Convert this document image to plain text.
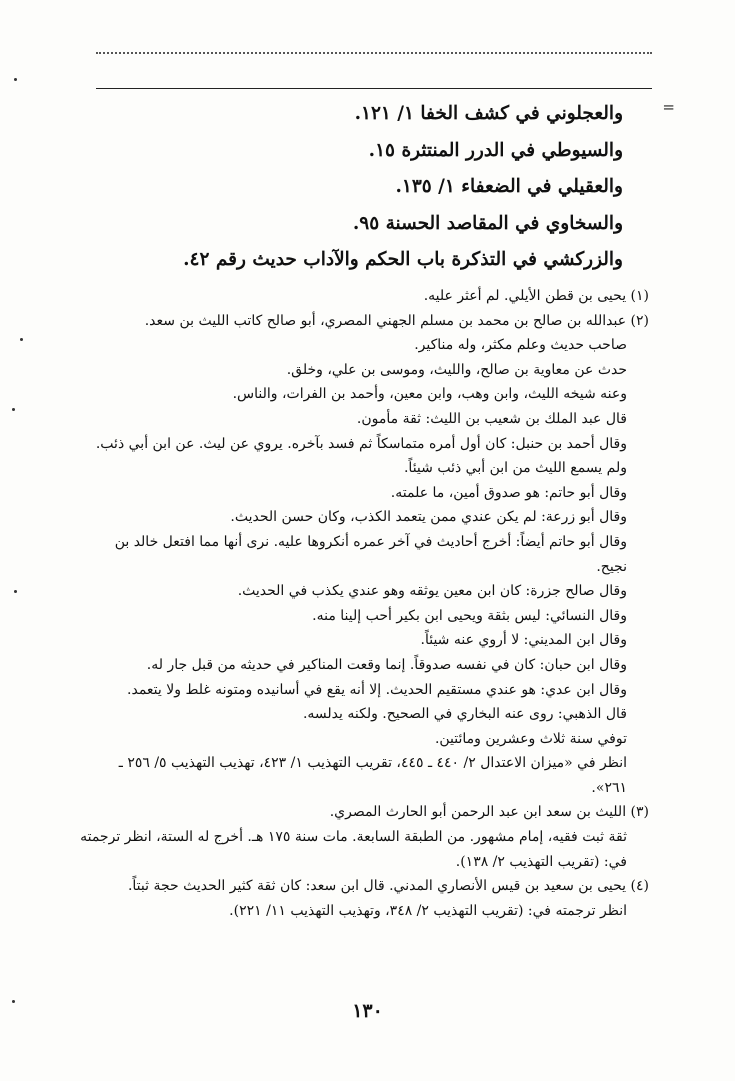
=
والعجلوني في كشف الخفا ١/ ١٢١.
والسيوطي في الدرر المنتثرة ١٥.
والعقيلي في الضعفاء ١/ ١٣٥.
والسخاوي في المقاصد الحسنة ٩٥.
والزركشي في التذكرة باب الحكم والآداب حديث رقم ٤٢.
(١) يحيى بن قطن الأيلي. لم أعثر عليه.
(٢) عبدالله بن صالح بن محمد بن مسلم الجهني المصري، أبو صالح كاتب الليث بن سعد.
صاحب حديث وعلم مكثر، وله مناكير.
حدث عن معاوية بن صالح، والليث، وموسى بن علي، وخلق.
وعنه شيخه الليث، وابن وهب، وابن معين، وأحمد بن الفرات، والناس.
قال عبد الملك بن شعيب بن الليث: ثقة مأمون.
وقال أحمد بن حنبل: كان أول أمره متماسكاً ثم فسد بآخره. يروي عن ليث. عن ابن أبي ذئب.
ولم يسمع الليث من ابن أبي ذئب شيئاً.
وقال أبو حاتم: هو صدوق أمين، ما علمته.
وقال أبو زرعة: لم يكن عندي ممن يتعمد الكذب، وكان حسن الحديث.
وقال أبو حاتم أيضاً: أخرج أحاديث في آخر عمره أنكروها عليه. نرى أنها مما افتعل خالد بن
نجيح.
وقال صالح جزرة: كان ابن معين يوثقه وهو عندي يكذب في الحديث.
وقال النسائي: ليس بثقة ويحيى ابن بكير أحب إلينا منه.
وقال ابن المديني: لا أروي عنه شيئاً.
وقال ابن حبان: كان في نفسه صدوقاً. إنما وقعت المناكير في حديثه من قبل جار له.
وقال ابن عدي: هو عندي مستقيم الحديث. إلا أنه يقع في أسانيده ومتونه غلط ولا يتعمد.
قال الذهبي: روى عنه البخاري في الصحيح. ولكنه يدلسه.
توفي سنة ثلاث وعشرين ومائتين.
انظر في «ميزان الاعتدال ٢/ ٤٤٠ ـ ٤٤٥، تقريب التهذيب ١/ ٤٢٣، تهذيب التهذيب ٥/ ٢٥٦ ـ
٢٦١».
(٣) الليث بن سعد ابن عبد الرحمن أبو الحارث المصري.
ثقة ثبت فقيه، إمام مشهور. من الطبقة السابعة. مات سنة ١٧٥ هـ. أخرج له الستة، انظر ترجمته
في: (تقريب التهذيب ٢/ ١٣٨).
(٤) يحيى بن سعيد بن قيس الأنصاري المدني. قال ابن سعد: كان ثقة كثير الحديث حجة ثبتاً.
انظر ترجمته في: (تقريب التهذيب ٢/ ٣٤٨، وتهذيب التهذيب ١١/ ٢٢١).
١٣٠
